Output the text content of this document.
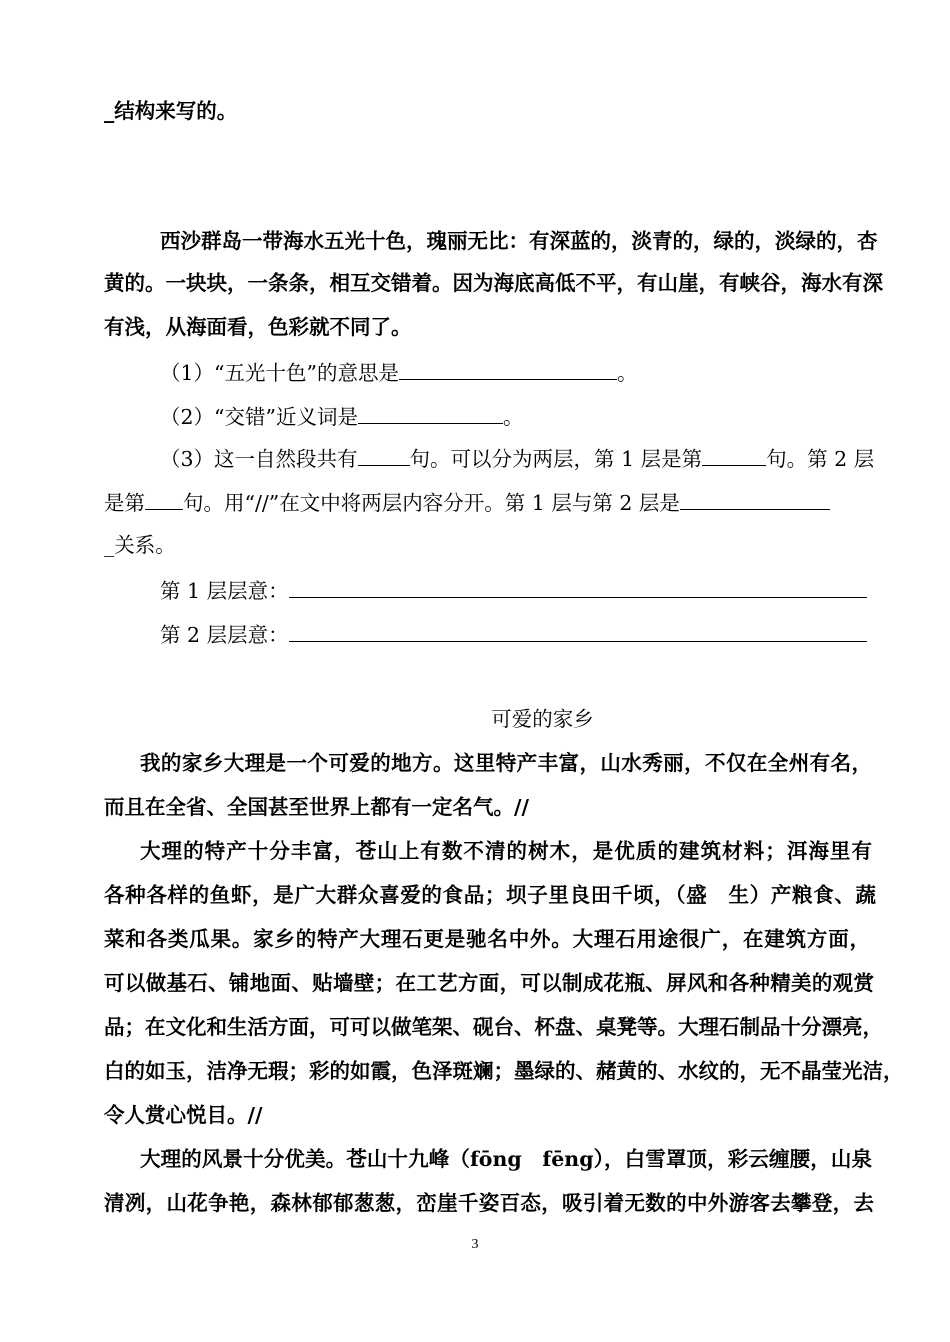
_结构来写的。
西沙群岛一带海水五光十色，瑰丽无比：有深蓝的，淡青的，绿的，淡绿的，杏
黄的。一块块，一条条，相互交错着。因为海底高低不平，有山崖，有峡谷，海水有深
有浅，从海面看，色彩就不同了。
（1）“五光十色”的意思是	。
（2）“交错”近义词是	。
（3）这一自然段共有	句。可以分为两层，第 1 层是第	句。第 2 层
是第 句。用“//”在文中将两层内容分开。第 1 层与第 2 层是
_关系。
第 1 层层意：
第 2 层层意：
可爱的家乡
我的家乡大理是一个可爱的地方。这里特产丰富，山水秀丽，不仅在全州有名，
而且在全省、全国甚至世界上都有一定名气。//
大理的特产十分丰富，苍山上有数不清的树木，是优质的建筑材料；洱海里有
各种各样的鱼虾，是广大群众喜爱的食品；坝子里良田千顷，（盛　生）产粮食、蔬
菜和各类瓜果。家乡的特产大理石更是驰名中外。大理石用途很广，在建筑方面，
可以做基石、铺地面、贴墙壁；在工艺方面，可以制成花瓶、屏风和各种精美的观赏
品；在文化和生活方面，可可以做笔架、砚台、杯盘、桌凳等。大理石制品十分漂亮，
白的如玉，洁净无瑕；彩的如霞，色泽斑斓；墨绿的、赭黄的、水纹的，无不晶莹光洁，
令人赏心悦目。//
大理的风景十分优美。苍山十九峰（fōng　fēng），白雪罩顶，彩云缠腰，山泉
清冽，山花争艳，森林郁郁葱葱，峦崖千姿百态，吸引着无数的中外游客去攀登，去
3
